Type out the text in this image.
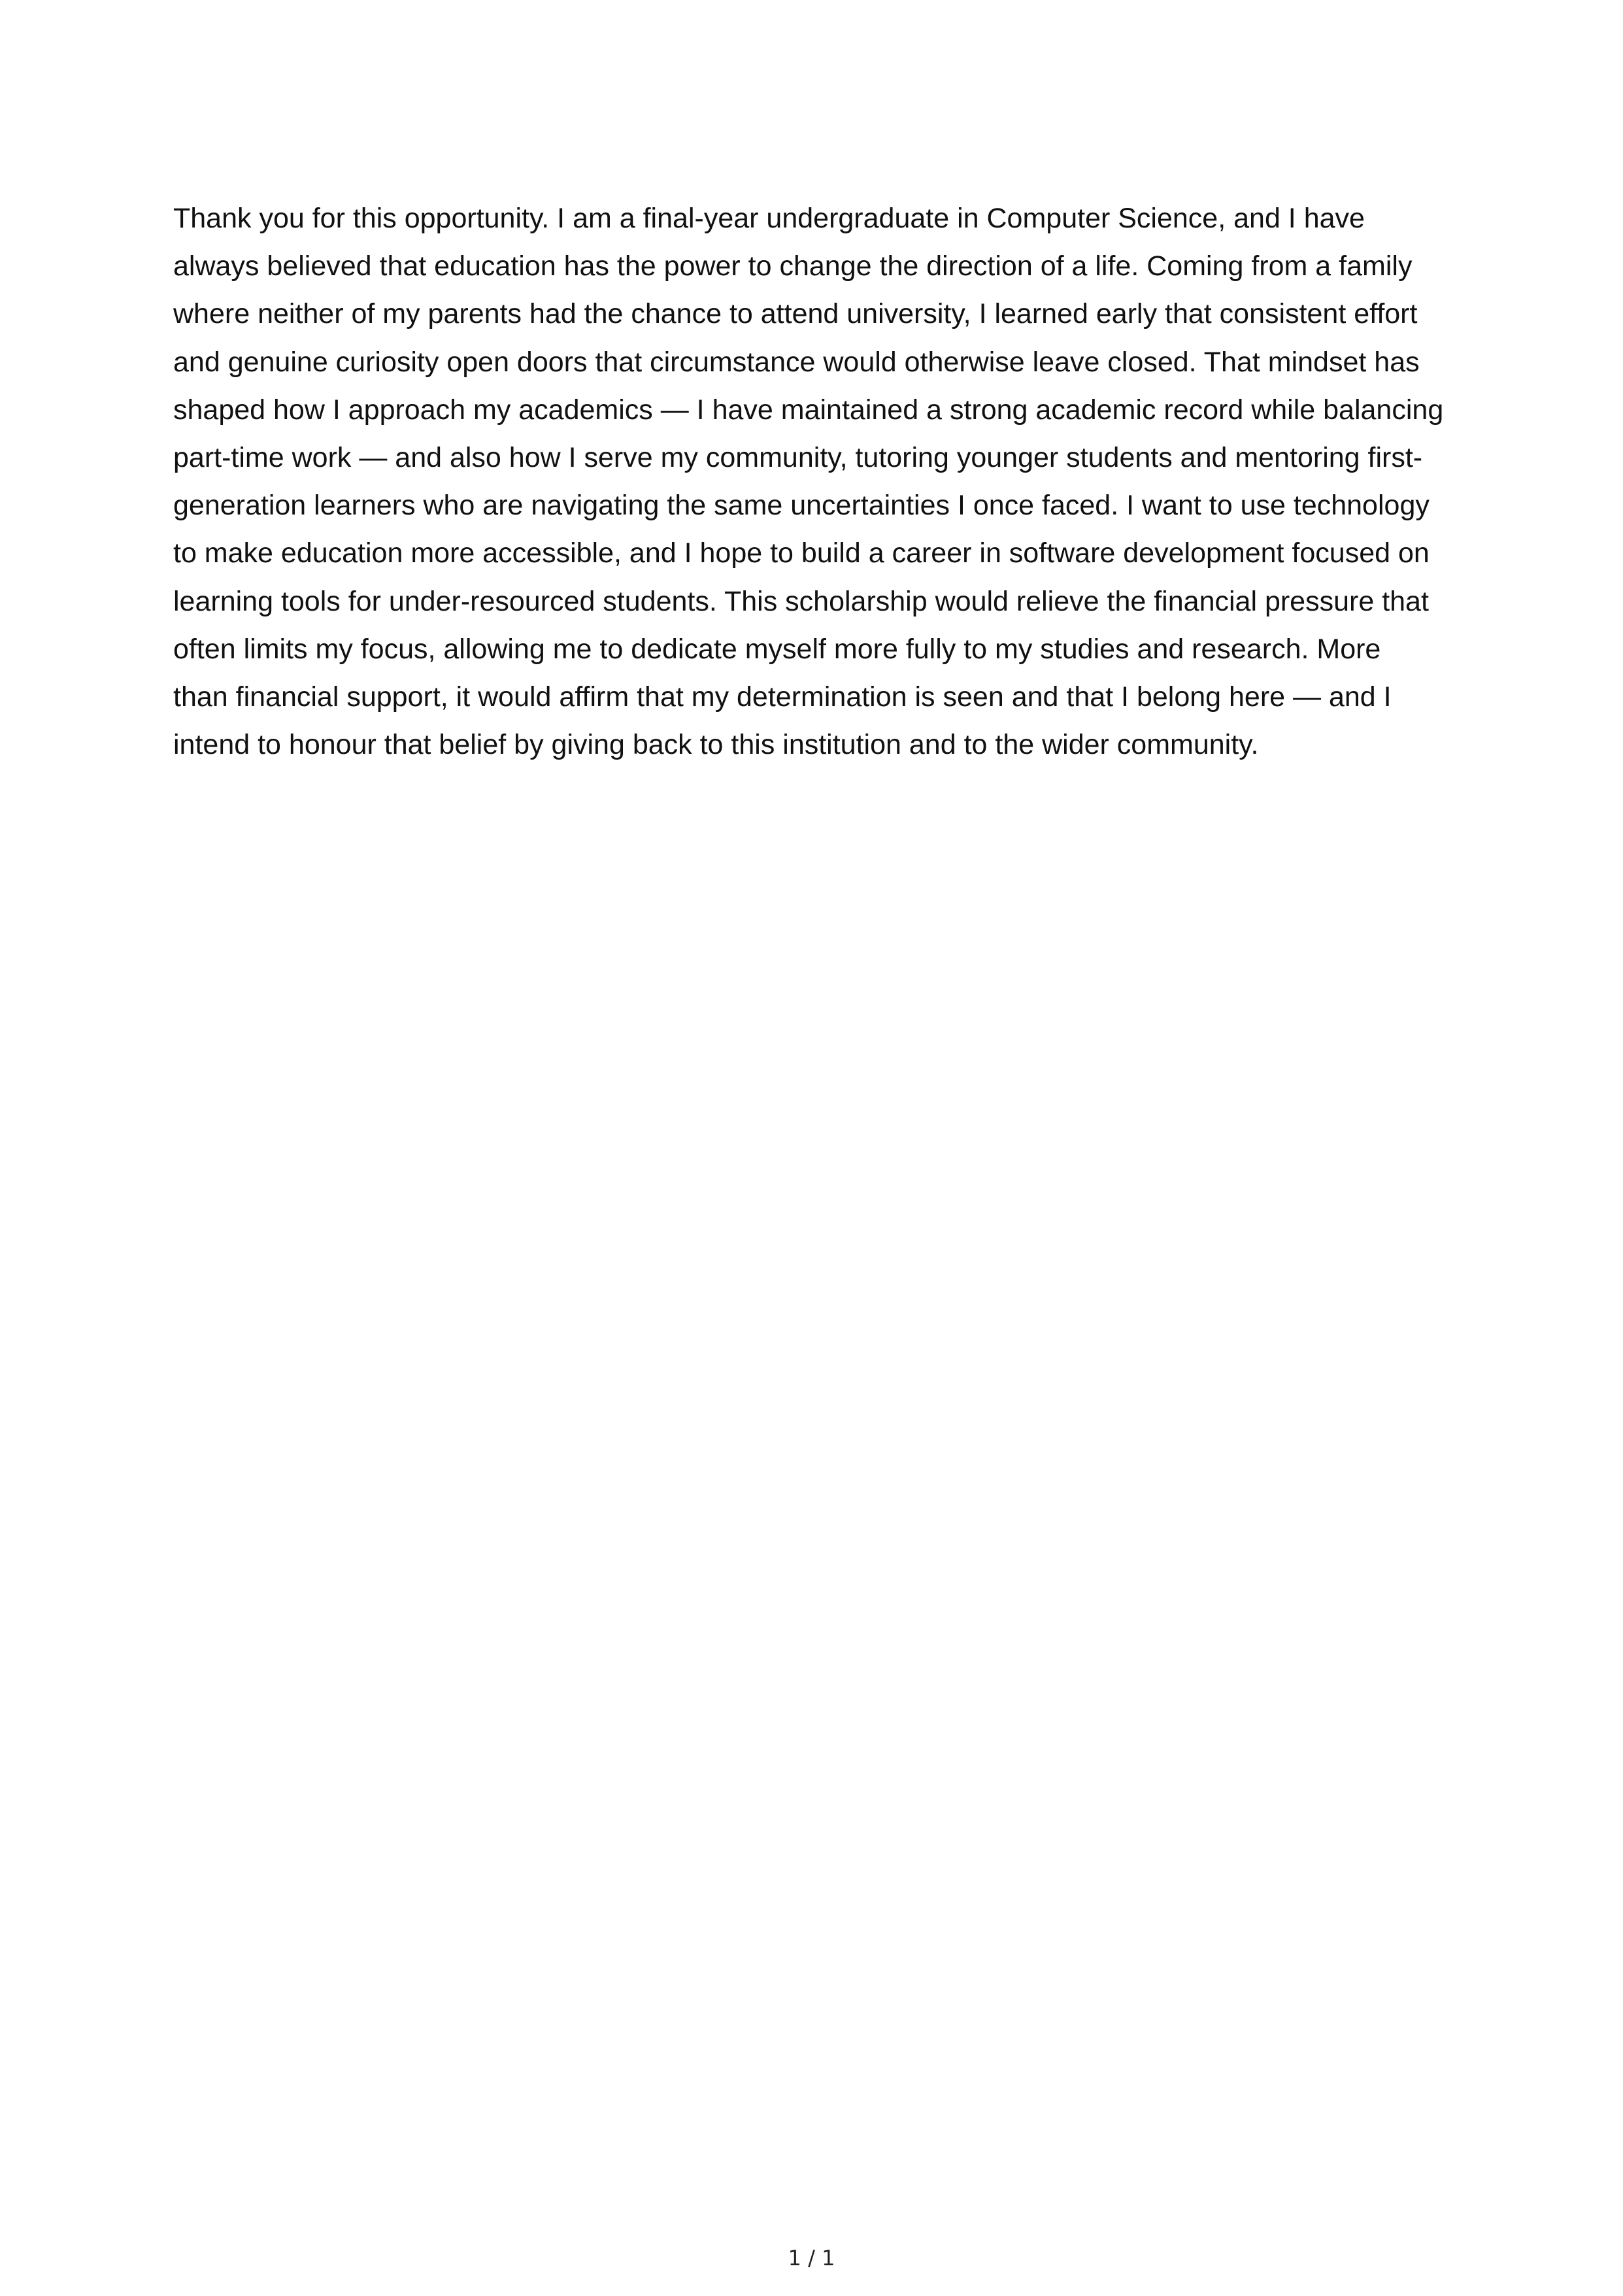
Thank you for this opportunity. I am a final-year undergraduate in Computer Science, and I have
always believed that education has the power to change the direction of a life. Coming from a family
where neither of my parents had the chance to attend university, I learned early that consistent effort
and genuine curiosity open doors that circumstance would otherwise leave closed. That mindset has
shaped how I approach my academics — I have maintained a strong academic record while balancing
part-time work — and also how I serve my community, tutoring younger students and mentoring first-
generation learners who are navigating the same uncertainties I once faced. I want to use technology
to make education more accessible, and I hope to build a career in software development focused on
learning tools for under-resourced students. This scholarship would relieve the financial pressure that
often limits my focus, allowing me to dedicate myself more fully to my studies and research. More
than financial support, it would affirm that my determination is seen and that I belong here — and I
intend to honour that belief by giving back to this institution and to the wider community.
1 / 1
